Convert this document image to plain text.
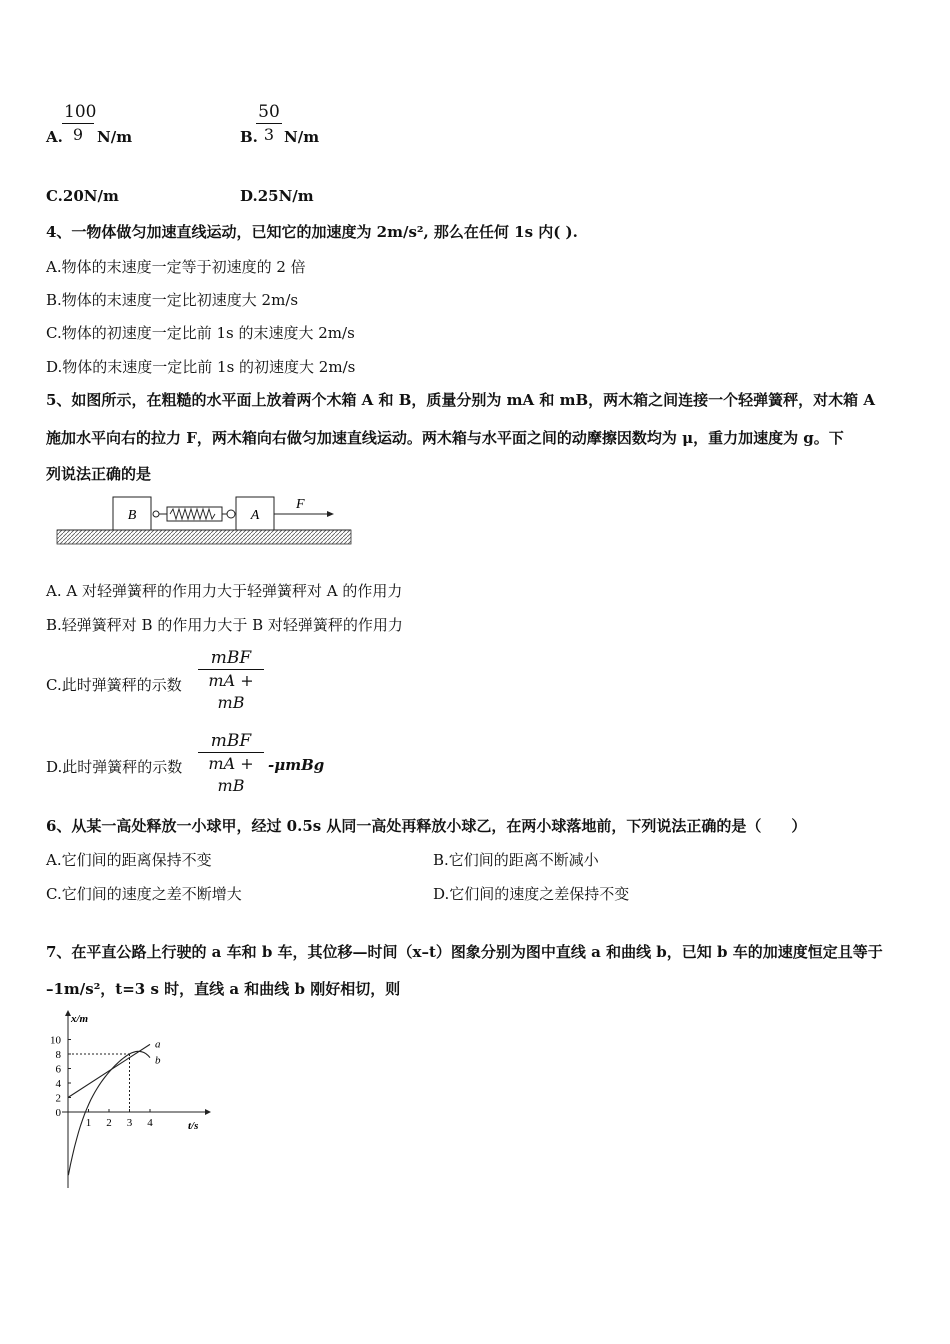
A. $\frac{100}{9} N/m$	B.
$\frac{50}{3} N/m$
C.20N/m	D.25N/m
4、一物体做匀加速直线运动，已知它的加速度为 2m/s², 那么在任何 1s 内( ).
A.物体的末速度一定等于初速度的 2 倍
B.物体的末速度一定比初速度大 2m/s
C.物体的初速度一定比前 1s 的末速度大 2m/s
D.物体的末速度一定比前 1s 的初速度大 2m/s
5、如图所示，在粗糙的水平面上放着两个木箱 A 和 B，质量分别为 mA 和 mB，两木箱之间连接一个轻弹簧秤，对木箱 A
施加水平向右的拉力 F，两木箱向右做匀加速直线运动。两木箱与水平面之间的动摩擦因数均为 μ，重力加速度为 g。下
列说法正确的是
B	A
F
A. A 对轻弹簧秤的作用力大于轻弹簧秤对 A 的作用力
B.轻弹簧秤对 B 的作用力大于 B 对轻弹簧秤的作用力
C.此时弹簧秤的示数
mBF
mA + mB
D.此时弹簧秤的示数
mBF
mA + mB
-μmBg
6、从某一高处释放一小球甲，经过 0.5s 从同一高处再释放小球乙，在两小球落地前，下列说法正确的是（　　）
A.它们间的距离保持不变	B.它们间的距离不断减小
C.它们间的速度之差不断增大	D.它们间的速度之差保持不变
7、在平直公路上行驶的 a 车和 b 车，其位移—时间（x–t）图象分别为图中直线 a 和曲线 b，已知 b 车的加速度恒定且等于
–1m/s²，t=3 s 时，直线 a 和曲线 b 刚好相切，则
x/m
t/s
1 2 3 4
0
2
4
6
8
10	a
b
